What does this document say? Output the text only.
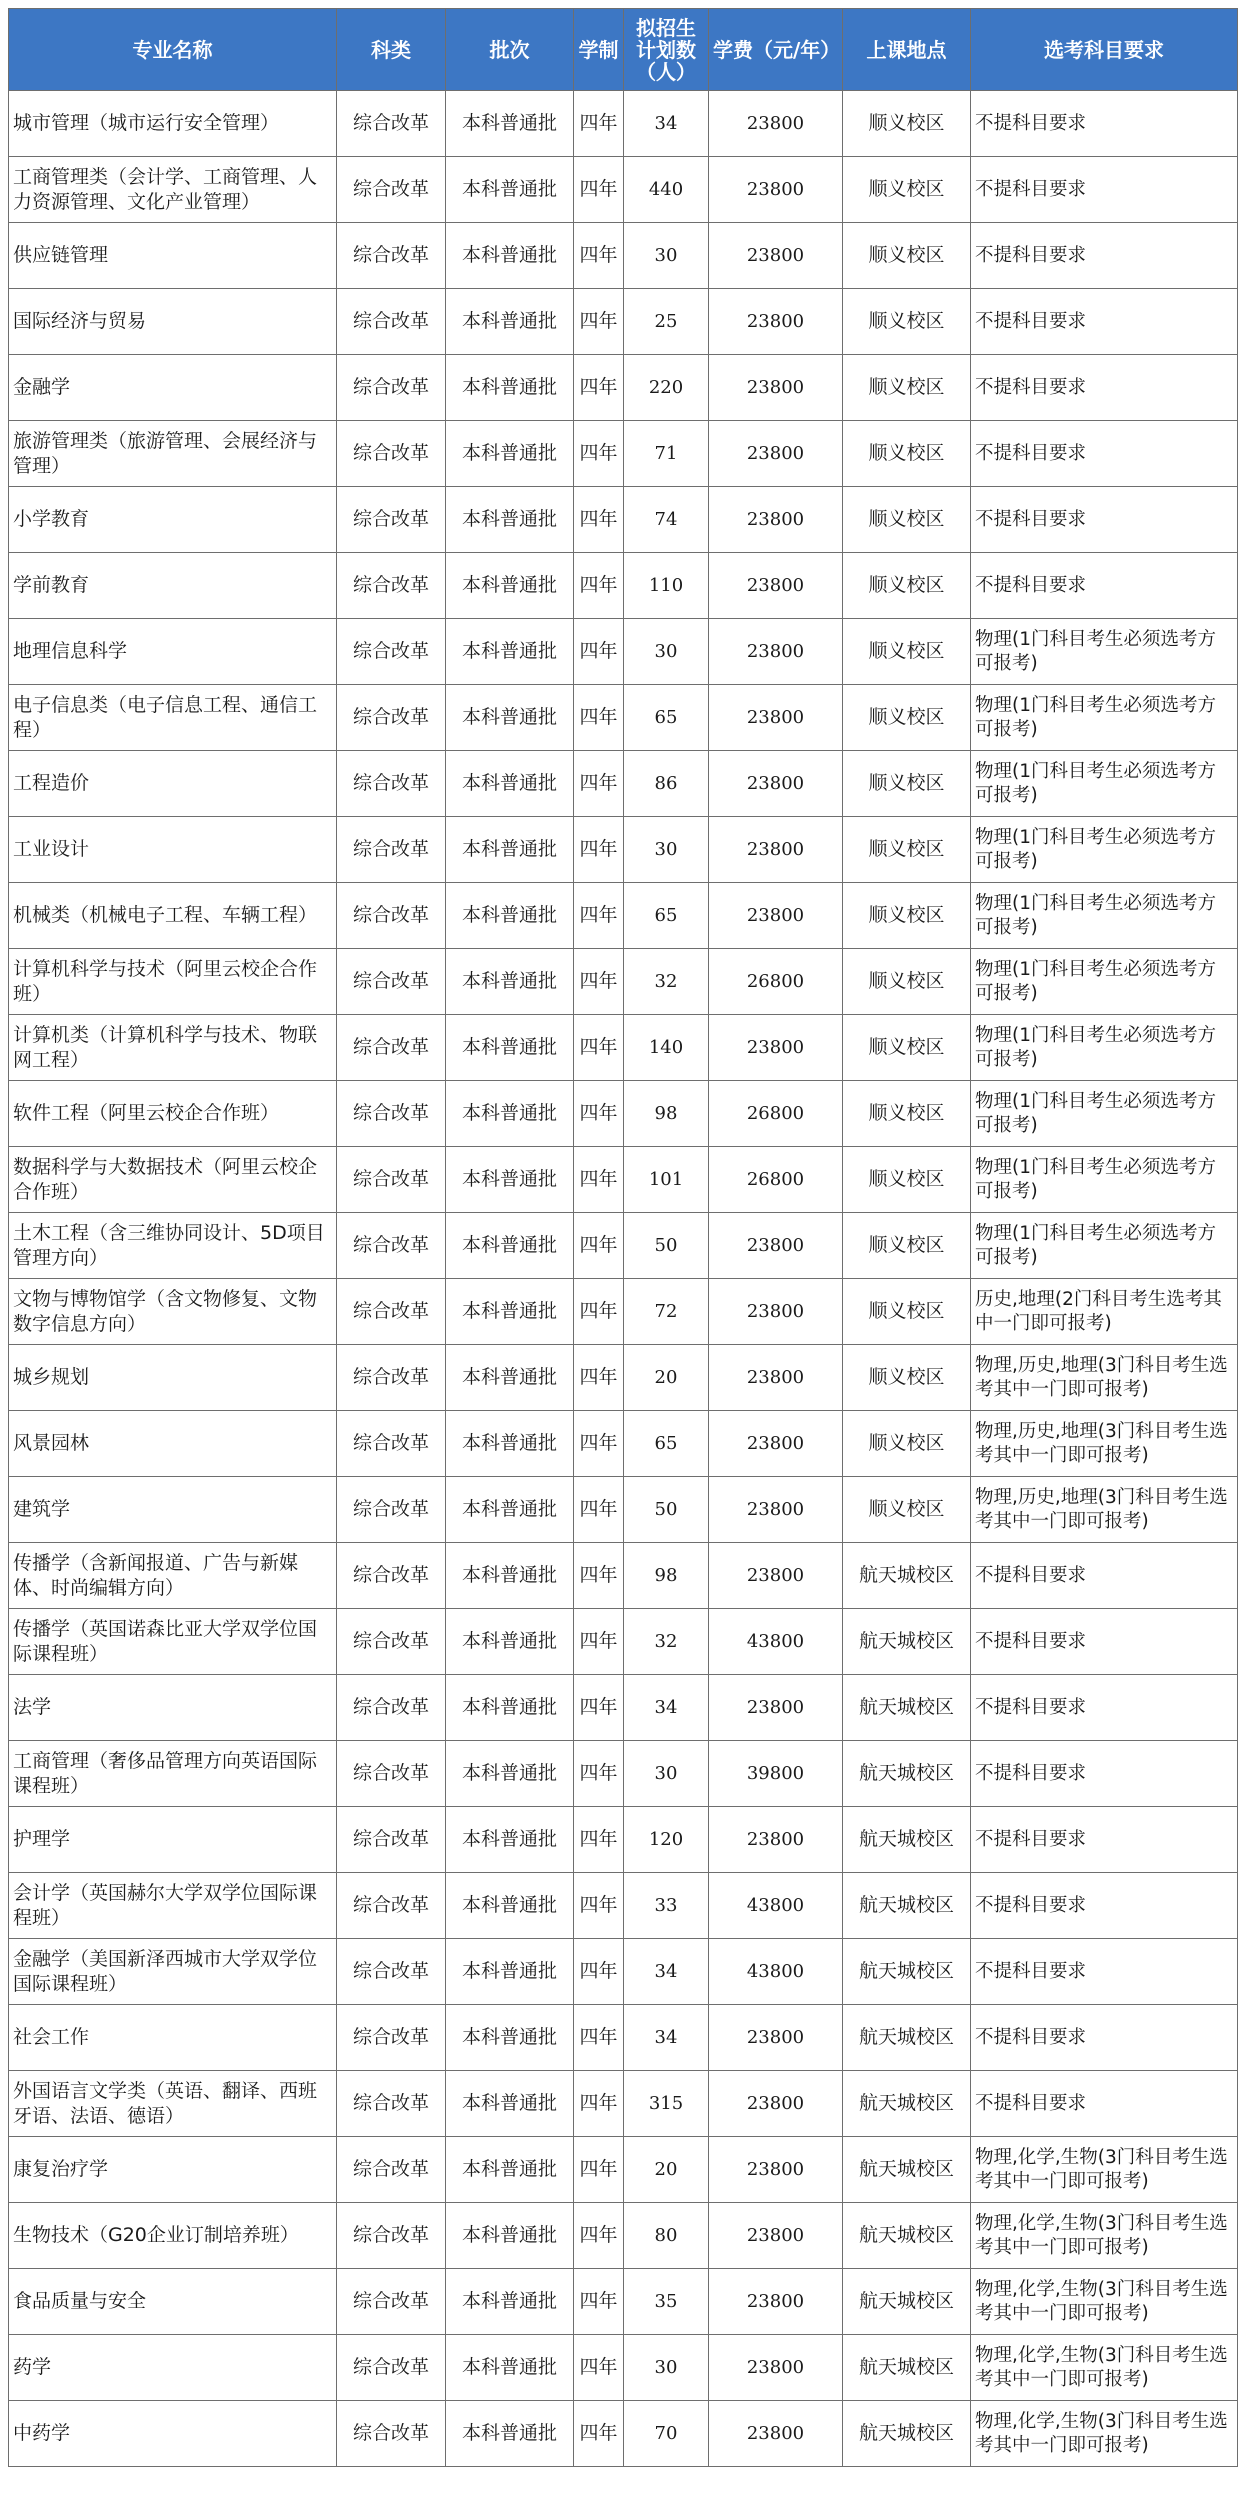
专业名称	科类	批次	学制	拟招生计划数（人）	学费（元/年）	上课地点	选考科目要求
城市管理（城市运行安全管理）	综合改革	本科普通批	四年	34	23800	顺义校区	不提科目要求
工商管理类（会计学、工商管理、人力资源管理、文化产业管理）	综合改革	本科普通批	四年	440	23800	顺义校区	不提科目要求
供应链管理	综合改革	本科普通批	四年	30	23800	顺义校区	不提科目要求
国际经济与贸易	综合改革	本科普通批	四年	25	23800	顺义校区	不提科目要求
金融学	综合改革	本科普通批	四年	220	23800	顺义校区	不提科目要求
旅游管理类（旅游管理、会展经济与管理）	综合改革	本科普通批	四年	71	23800	顺义校区	不提科目要求
小学教育	综合改革	本科普通批	四年	74	23800	顺义校区	不提科目要求
学前教育	综合改革	本科普通批	四年	110	23800	顺义校区	不提科目要求
地理信息科学	综合改革	本科普通批	四年	30	23800	顺义校区	物理(1门科目考生必须选考方可报考)
电子信息类（电子信息工程、通信工程）	综合改革	本科普通批	四年	65	23800	顺义校区	物理(1门科目考生必须选考方可报考)
工程造价	综合改革	本科普通批	四年	86	23800	顺义校区	物理(1门科目考生必须选考方可报考)
工业设计	综合改革	本科普通批	四年	30	23800	顺义校区	物理(1门科目考生必须选考方可报考)
机械类（机械电子工程、车辆工程）	综合改革	本科普通批	四年	65	23800	顺义校区	物理(1门科目考生必须选考方可报考)
计算机科学与技术（阿里云校企合作班）	综合改革	本科普通批	四年	32	26800	顺义校区	物理(1门科目考生必须选考方可报考)
计算机类（计算机科学与技术、物联网工程）	综合改革	本科普通批	四年	140	23800	顺义校区	物理(1门科目考生必须选考方可报考)
软件工程（阿里云校企合作班）	综合改革	本科普通批	四年	98	26800	顺义校区	物理(1门科目考生必须选考方可报考)
数据科学与大数据技术（阿里云校企合作班）	综合改革	本科普通批	四年	101	26800	顺义校区	物理(1门科目考生必须选考方可报考)
土木工程（含三维协同设计、5D项目管理方向）	综合改革	本科普通批	四年	50	23800	顺义校区	物理(1门科目考生必须选考方可报考)
文物与博物馆学（含文物修复、文物数字信息方向）	综合改革	本科普通批	四年	72	23800	顺义校区	历史,地理(2门科目考生选考其中一门即可报考)
城乡规划	综合改革	本科普通批	四年	20	23800	顺义校区	物理,历史,地理(3门科目考生选考其中一门即可报考)
风景园林	综合改革	本科普通批	四年	65	23800	顺义校区	物理,历史,地理(3门科目考生选考其中一门即可报考)
建筑学	综合改革	本科普通批	四年	50	23800	顺义校区	物理,历史,地理(3门科目考生选考其中一门即可报考)
传播学（含新闻报道、广告与新媒体、时尚编辑方向）	综合改革	本科普通批	四年	98	23800	航天城校区	不提科目要求
传播学（英国诺森比亚大学双学位国际课程班）	综合改革	本科普通批	四年	32	43800	航天城校区	不提科目要求
法学	综合改革	本科普通批	四年	34	23800	航天城校区	不提科目要求
工商管理（奢侈品管理方向英语国际课程班）	综合改革	本科普通批	四年	30	39800	航天城校区	不提科目要求
护理学	综合改革	本科普通批	四年	120	23800	航天城校区	不提科目要求
会计学（英国赫尔大学双学位国际课程班）	综合改革	本科普通批	四年	33	43800	航天城校区	不提科目要求
金融学（美国新泽西城市大学双学位国际课程班）	综合改革	本科普通批	四年	34	43800	航天城校区	不提科目要求
社会工作	综合改革	本科普通批	四年	34	23800	航天城校区	不提科目要求
外国语言文学类（英语、翻译、西班牙语、法语、德语）	综合改革	本科普通批	四年	315	23800	航天城校区	不提科目要求
康复治疗学	综合改革	本科普通批	四年	20	23800	航天城校区	物理,化学,生物(3门科目考生选考其中一门即可报考)
生物技术（G20企业订制培养班）	综合改革	本科普通批	四年	80	23800	航天城校区	物理,化学,生物(3门科目考生选考其中一门即可报考)
食品质量与安全	综合改革	本科普通批	四年	35	23800	航天城校区	物理,化学,生物(3门科目考生选考其中一门即可报考)
药学	综合改革	本科普通批	四年	30	23800	航天城校区	物理,化学,生物(3门科目考生选考其中一门即可报考)
中药学	综合改革	本科普通批	四年	70	23800	航天城校区	物理,化学,生物(3门科目考生选考其中一门即可报考)
